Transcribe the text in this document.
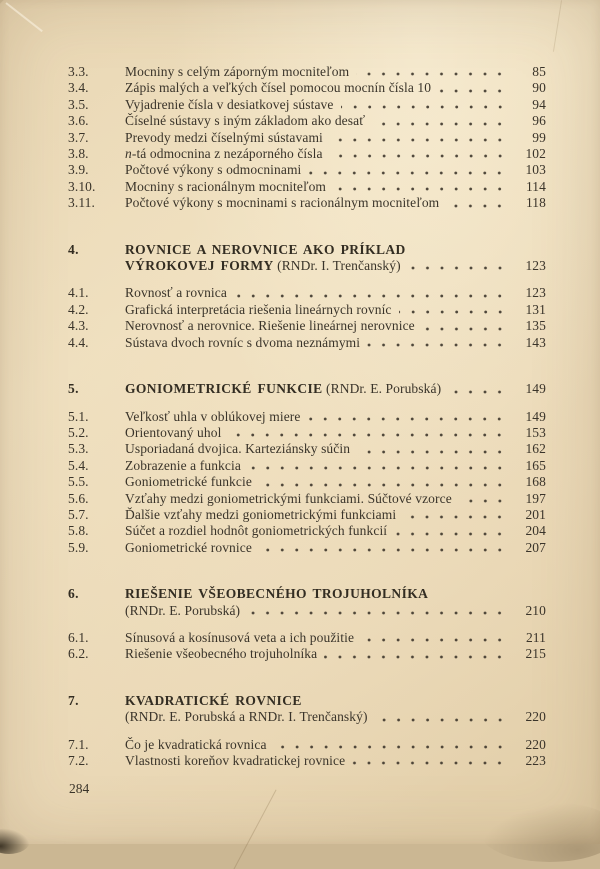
3.3.	Mocniny s celým záporným mocniteľom	85
3.4.	Zápis malých a veľkých čísel pomocou mocnín čísla 10	90
3.5.	Vyjadrenie čísla v desiatkovej sústave	94
3.6.	Číselné sústavy s iným základom ako desať	96
3.7.	Prevody medzi číselnými sústavami	99
3.8.	n-tá odmocnina z nezáporného čísla	102
3.9.	Počtové výkony s odmocninami	103
3.10.	Mocniny s racionálnym mocniteľom	114
3.11.	Počtové výkony s mocninami s racionálnym mocniteľom	118
4.	ROVNICE A NEROVNICE AKO PRÍKLAD
VÝROKOVEJ FORMY (RNDr. I. Trenčanský)	123
4.1.	Rovnosť a rovnica	123
4.2.	Grafická interpretácia riešenia lineárnych rovníc	131
4.3.	Nerovnosť a nerovnice. Riešenie lineárnej nerovnice	135
4.4.	Sústava dvoch rovníc s dvoma neznámymi	143
5.	GONIOMETRICKÉ FUNKCIE (RNDr. E. Porubská)	149
5.1.	Veľkosť uhla v oblúkovej miere	149
5.2.	Orientovaný uhol	153
5.3.	Usporiadaná dvojica. Karteziánsky súčin	162
5.4.	Zobrazenie a funkcia	165
5.5.	Goniometrické funkcie	168
5.6.	Vzťahy medzi goniometrickými funkciami. Súčtové vzorce	197
5.7.	Ďalšie vzťahy medzi goniometrickými funkciami	201
5.8.	Súčet a rozdiel hodnôt goniometrických funkcií	204
5.9.	Goniometrické rovnice	207
6.	RIEŠENIE VŠEOBECNÉHO TROJUHOLNÍKA
(RNDr. E. Porubská)	210
6.1.	Sínusová a kosínusová veta a ich použitie	211
6.2.	Riešenie všeobecného trojuholníka	215
7.	KVADRATICKÉ ROVNICE
(RNDr. E. Porubská a RNDr. I. Trenčanský)	220
7.1.	Čo je kvadratická rovnica	220
7.2.	Vlastnosti koreňov kvadratickej rovnice	223
284
